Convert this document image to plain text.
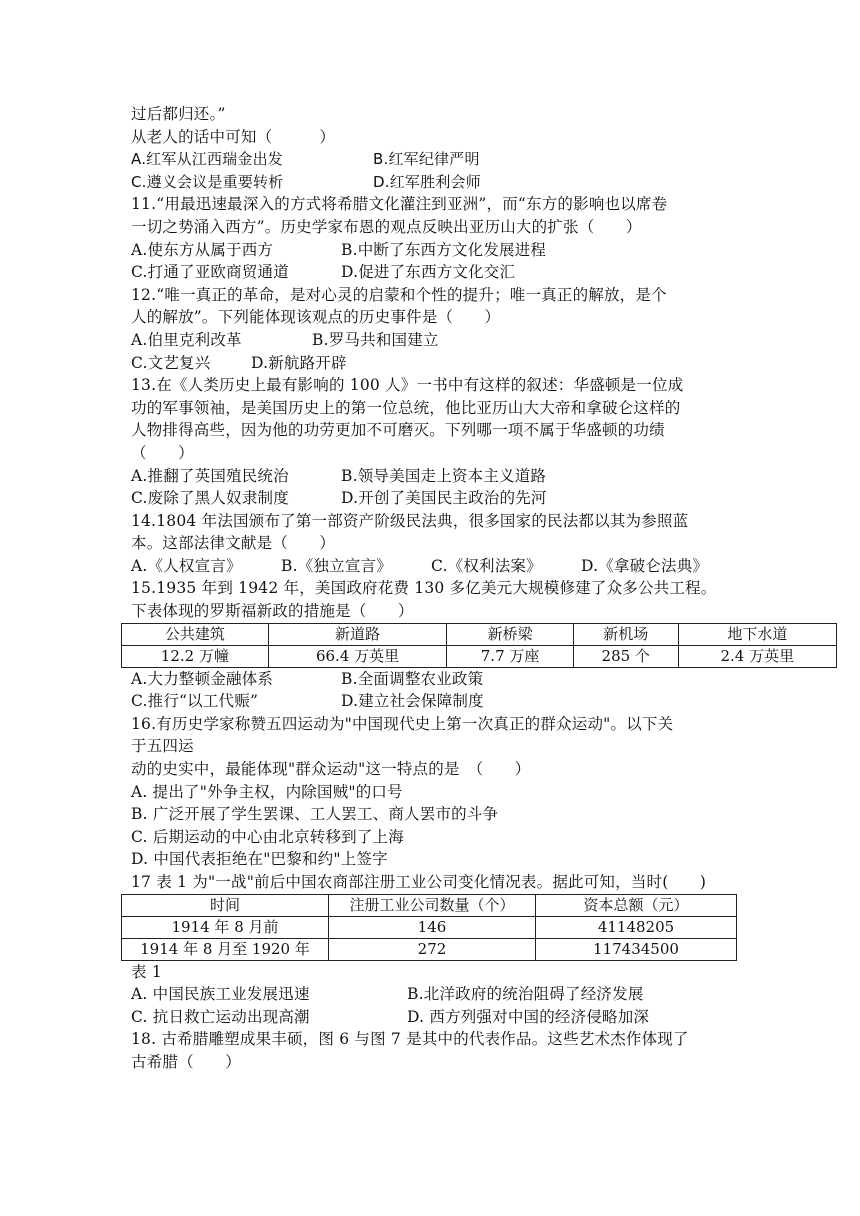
过后都归还。”
从老人的话中可知（　　　）
A.红军从江西瑞金出发	B.红军纪律严明
C.遵义会议是重要转析	D.红军胜利会师
11.“用最迅速最深入的方式将希腊文化灌注到亚洲”，而“东方的影响也以席卷
一切之势涌入西方”。历史学家布恩的观点反映出亚历山大的扩张（　　）
A.使东方从属于西方	B.中断了东西方文化发展进程
C.打通了亚欧商贸通道	D.促进了东西方文化交汇
12.“唯一真正的革命，是对心灵的启蒙和个性的提升；唯一真正的解放，是个
人的解放”。下列能体现该观点的历史事件是（　　）
A.伯里克利改革	B.罗马共和国建立
C.文艺复兴	D.新航路开辟
13.在《人类历史上最有影响的 100 人》一书中有这样的叙述：华盛顿是一位成
功的军事领袖，是美国历史上的第一位总统，他比亚历山大大帝和拿破仑这样的
人物排得高些，因为他的功劳更加不可磨灭。下列哪一项不属于华盛顿的功绩
（　　）
A.推翻了英国殖民统治	B.领导美国走上资本主义道路
C.废除了黑人奴隶制度	D.开创了美国民主政治的先河
14.1804 年法国颁布了第一部资产阶级民法典，很多国家的民法都以其为参照蓝
本。这部法律文献是（　　）
A.《人权宣言》	B.《独立宣言》	C.《权利法案》	D.《拿破仑法典》
15.1935 年到 1942 年，美国政府花费 130 多亿美元大规模修建了众多公共工程。
下表体现的罗斯福新政的措施是（　　）
公共建筑	新道路	新桥梁	新机场	地下水道
12.2 万幢	66.4 万英里	7.7 万座	285 个	2.4 万英里
A.大力整顿金融体系	B.全面调整农业政策
C.推行“以工代赈”	D.建立社会保障制度
16.有历史学家称赞五四运动为"中国现代史上第一次真正的群众运动"。以下关
于五四运
动的史实中，最能体现"群众运动"这一特点的是　（　　）
A. 提出了"外争主权，内除国贼"的口号
B. 广泛开展了学生罢课、工人罢工、商人罢市的斗争
C. 后期运动的中心由北京转移到了上海
D. 中国代表拒绝在"巴黎和约"上签字
17 表 1 为"一战"前后中国农商部注册工业公司变化情况表。据此可知，当时(　　)
时间	注册工业公司数量（个）	资本总额（元）
1914 年 8 月前	146	41148205
1914 年 8 月至 1920 年	272	117434500
表 1
A. 中国民族工业发展迅速	B.北洋政府的统治阻碍了经济发展
C. 抗日救亡运动出现高潮	D. 西方列强对中国的经济侵略加深
18. 古希腊雕塑成果丰硕，图 6 与图 7 是其中的代表作品。这些艺术杰作体现了
古希腊（　　）
